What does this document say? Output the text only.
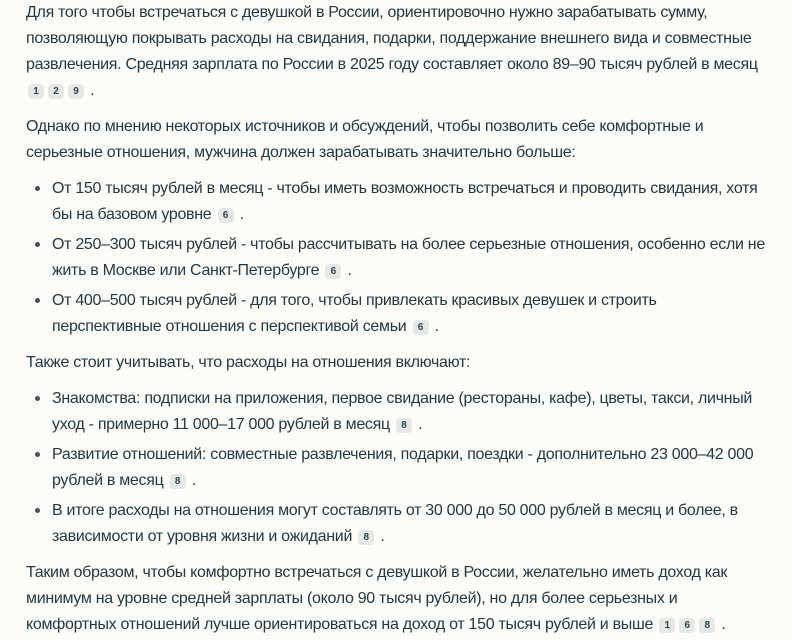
Для того чтобы встречаться с девушкой в России, ориентировочно нужно зарабатывать сумму, позволяющую покрывать расходы на свидания, подарки, поддержание внешнего вида и совместные развлечения. Средняя зарплата по России в 2025 году составляет около 89–90 тысяч рублей в месяц $^1$ $^2$ $^9$ .

Однако по мнению некоторых источников и обсуждений, чтобы позволить себе комфортные и серьезные отношения, мужчина должен зарабатывать значительно больше:

От 150 тысяч рублей в месяц - чтобы иметь возможность встречаться и проводить свидания, хотя бы на базовом уровне $^6$ .
От 250–300 тысяч рублей - чтобы рассчитывать на более серьезные отношения, особенно если не жить в Москве или Санкт-Петербурге $^6$ .
От 400–500 тысяч рублей - для того, чтобы привлекать красивых девушек и строить перспективные отношения с перспективой семьи $^6$ .

Также стоит учитывать, что расходы на отношения включают:

Знакомства: подписки на приложения, первое свидание (рестораны, кафе), цветы, такси, личный уход - примерно 11 000–17 000 рублей в месяц $^8$ .
Развитие отношений: совместные развлечения, подарки, поездки - дополнительно 23 000–42 000 рублей в месяц $^8$ .
В итоге расходы на отношения могут составлять от 30 000 до 50 000 рублей в месяц и более, в зависимости от уровня жизни и ожиданий $^8$ .

Таким образом, чтобы комфортно встречаться с девушкой в России, желательно иметь доход как минимум на уровне средней зарплаты (около 90 тысяч рублей), но для более серьезных и комфортных отношений лучше ориентироваться на доход от 150 тысяч рублей и выше $^1$ $^6$ $^8$ .
